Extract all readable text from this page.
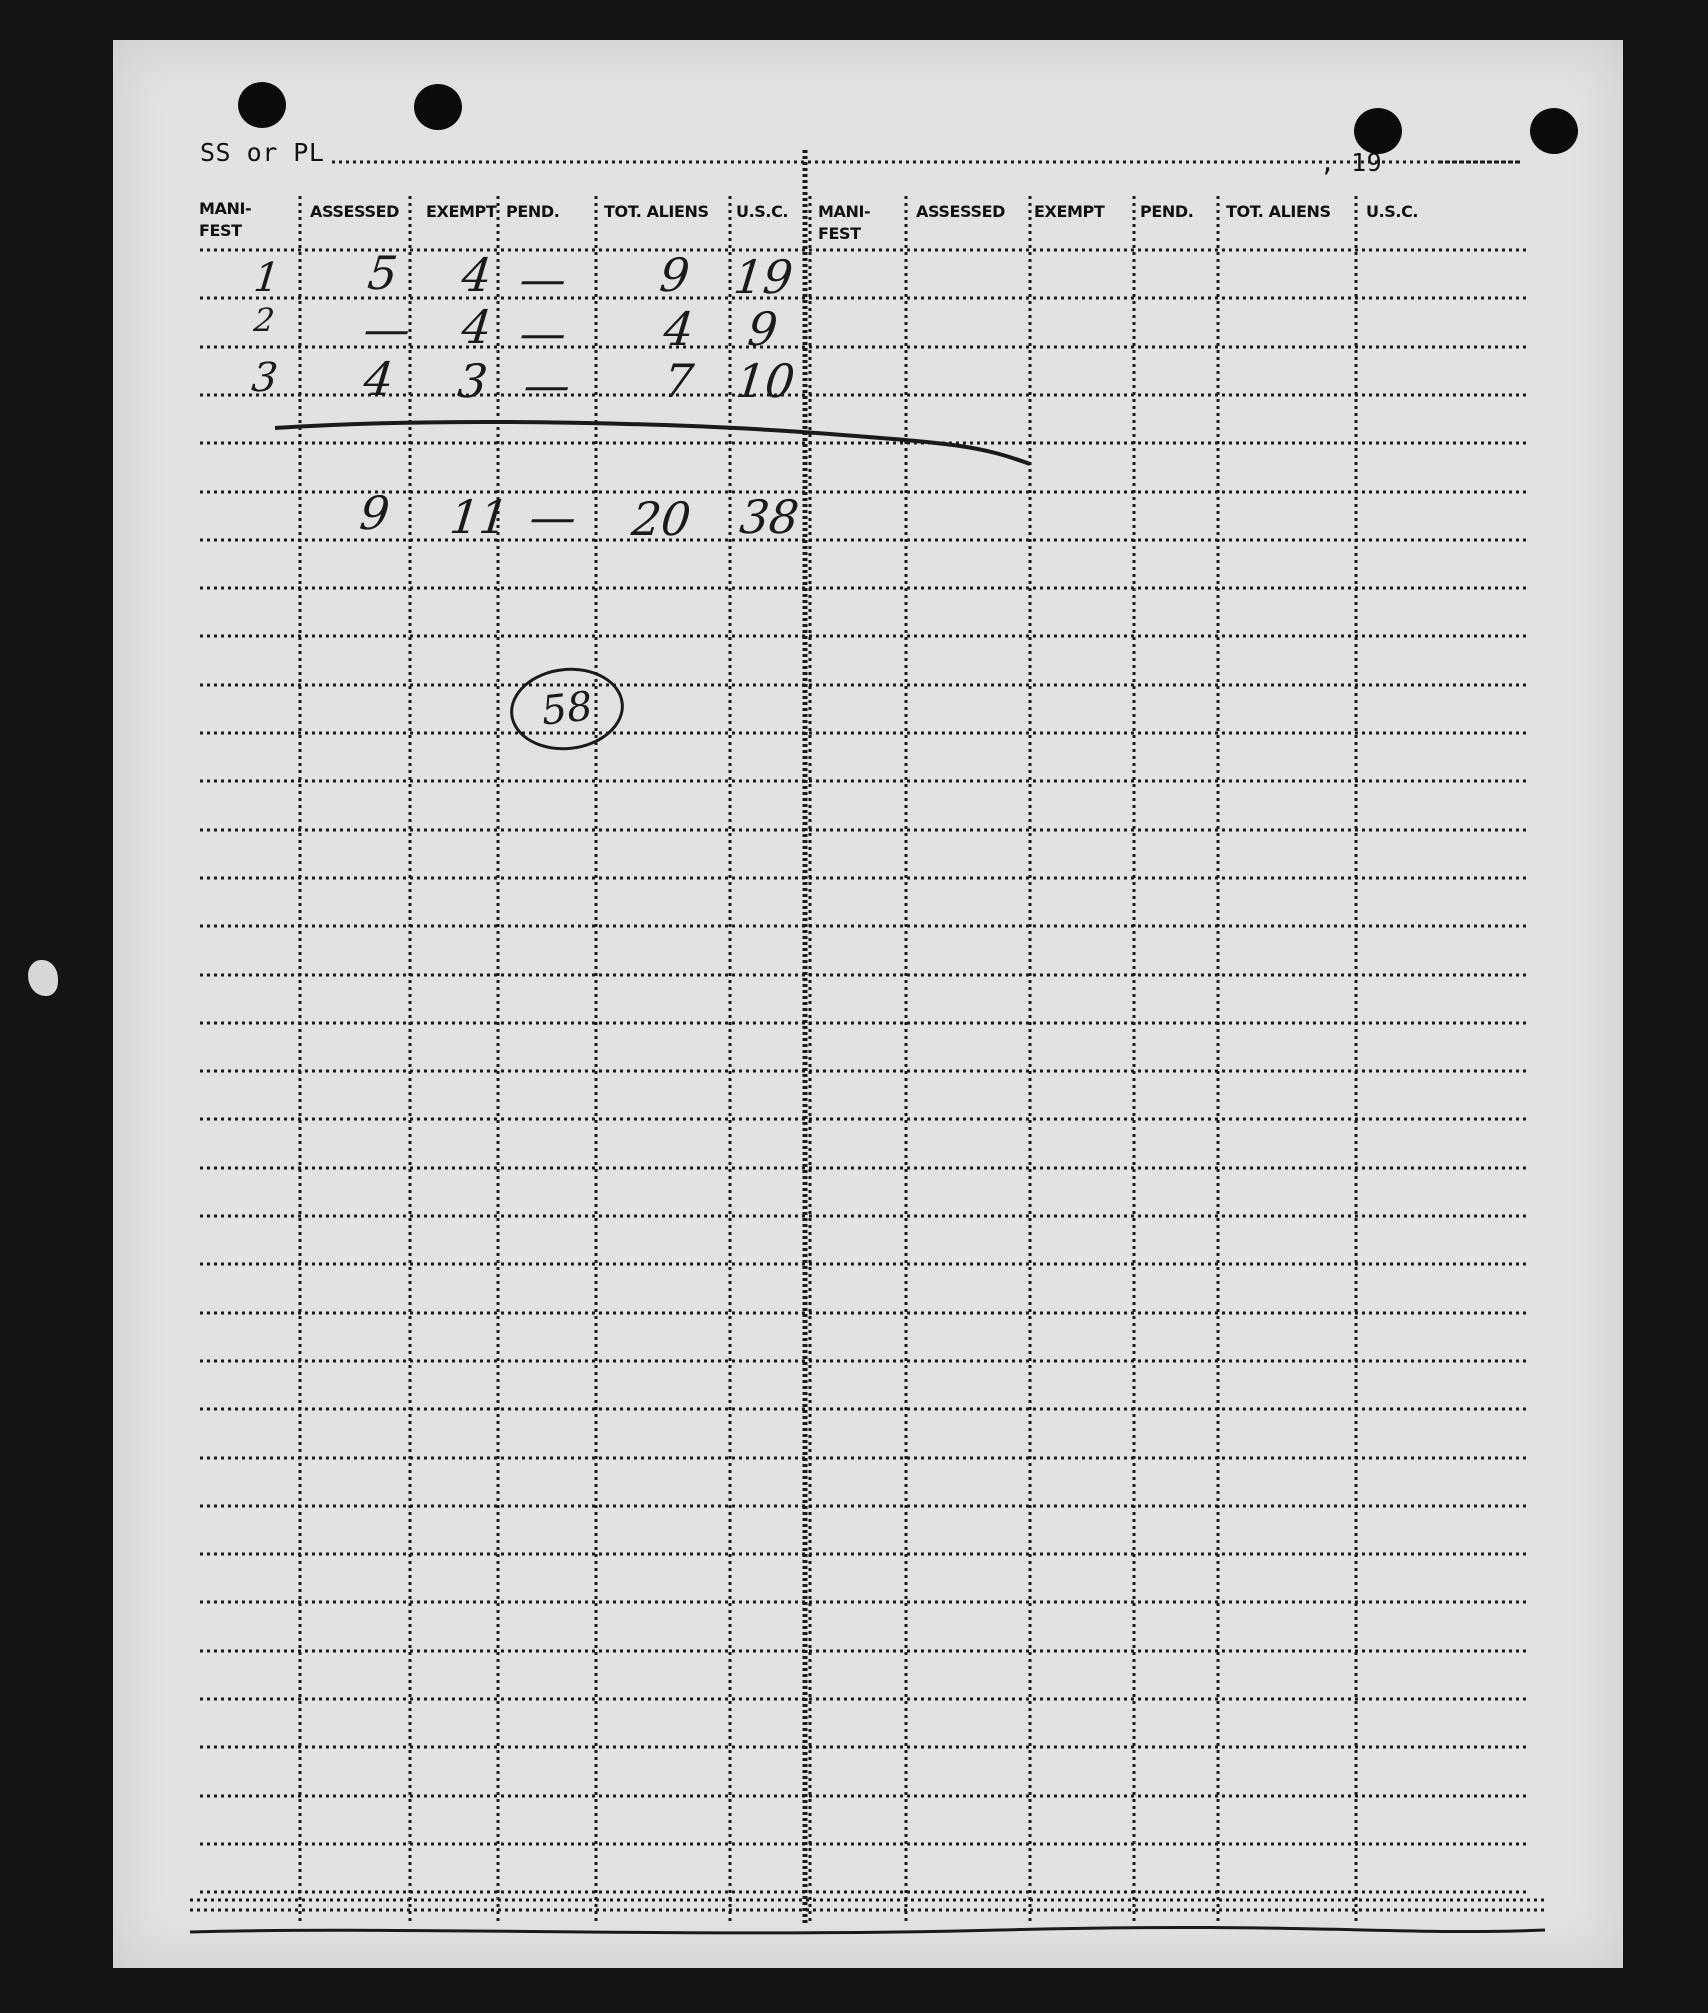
SS or PL	, 19
MANI-
FEST
ASSESSED EXEMPT PEND.	TOT. ALIENS U.S.C. MANI-
FEST
ASSESSED EXEMPT PEND. TOT. ALIENS U.S.C.
1 5 4 — 9 19
2 — 4 — 4 9
3 4 3 — 7 10
9 11 — 20 38
58
